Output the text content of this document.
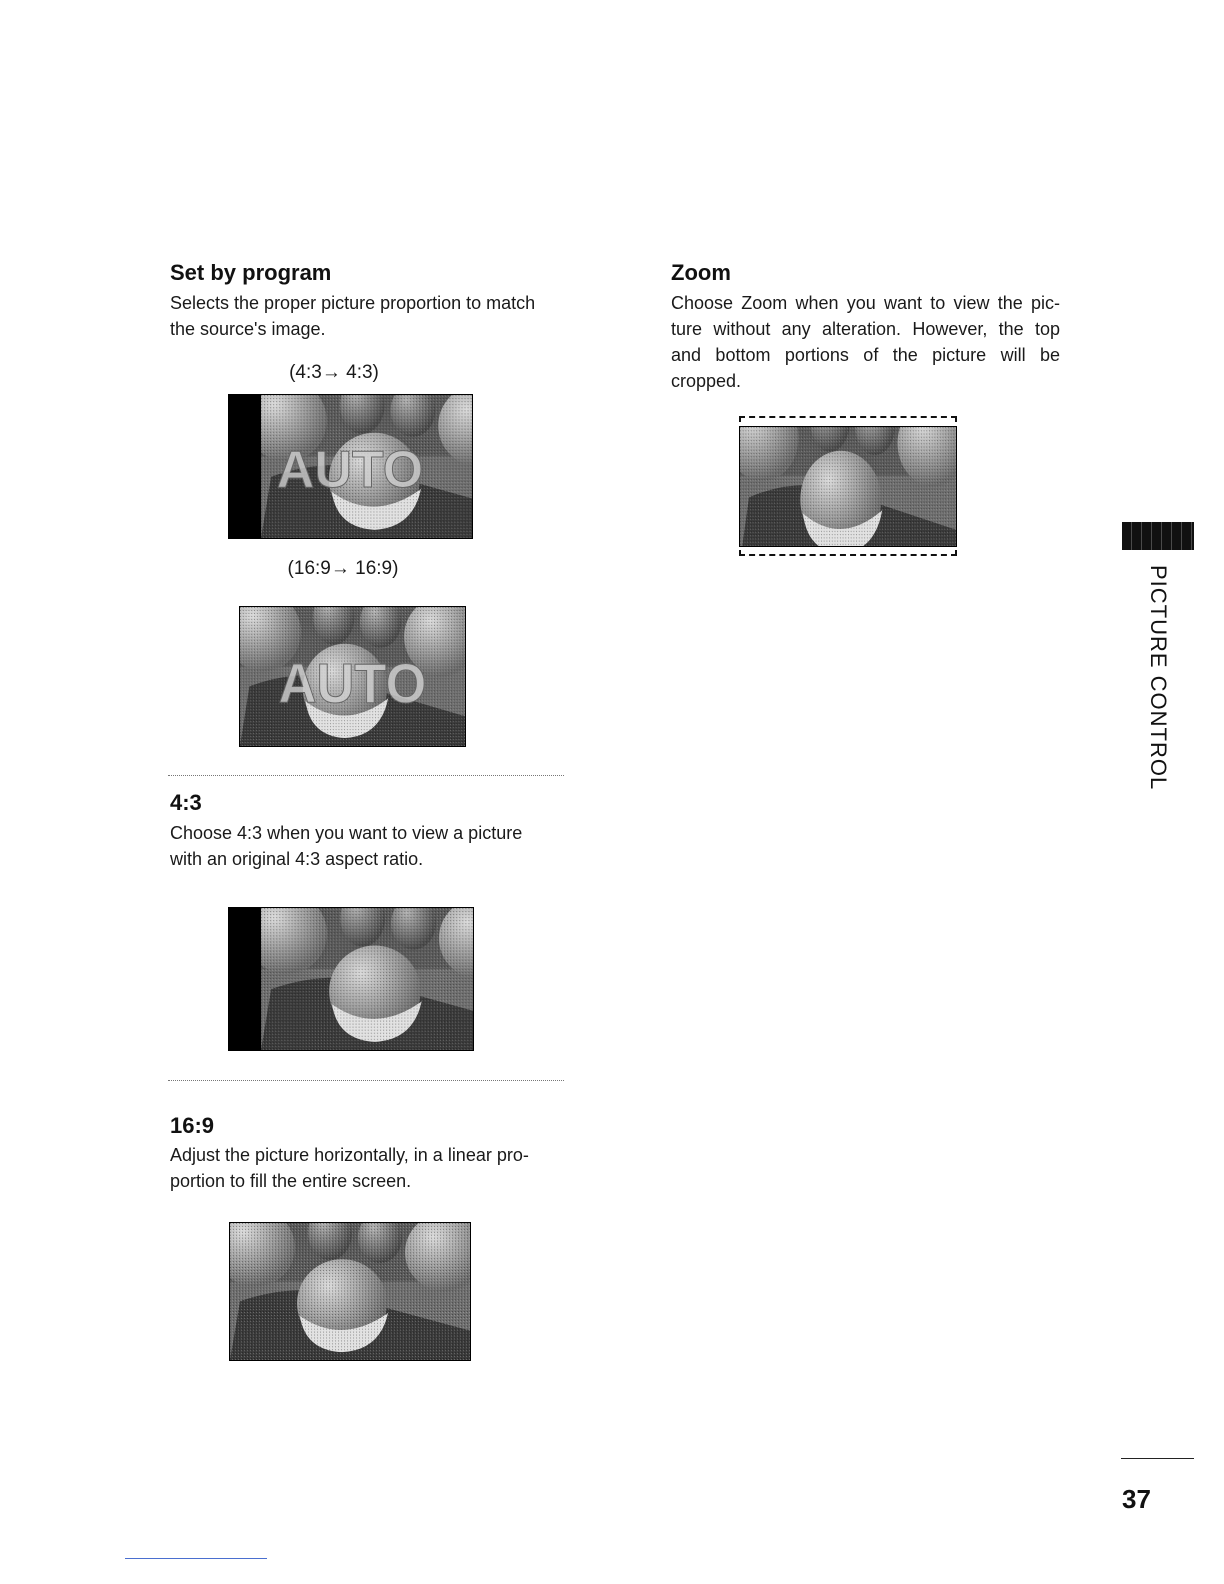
Set by program
Selects the proper picture proportion to match
the source's image.
(4:3→ 4:3)
AUTO
(16:9→ 16:9)
AUTO
4:3
Choose 4:3 when you want to view a picture
with an original 4:3 aspect ratio.
16:9
Adjust the picture horizontally, in a linear pro-
portion to fill the entire screen.
Zoom
Choose Zoom when you want to view the pic-
ture without any alteration. However, the top
and bottom portions of the picture will be
cropped.
PICTURE CONTROL
37
